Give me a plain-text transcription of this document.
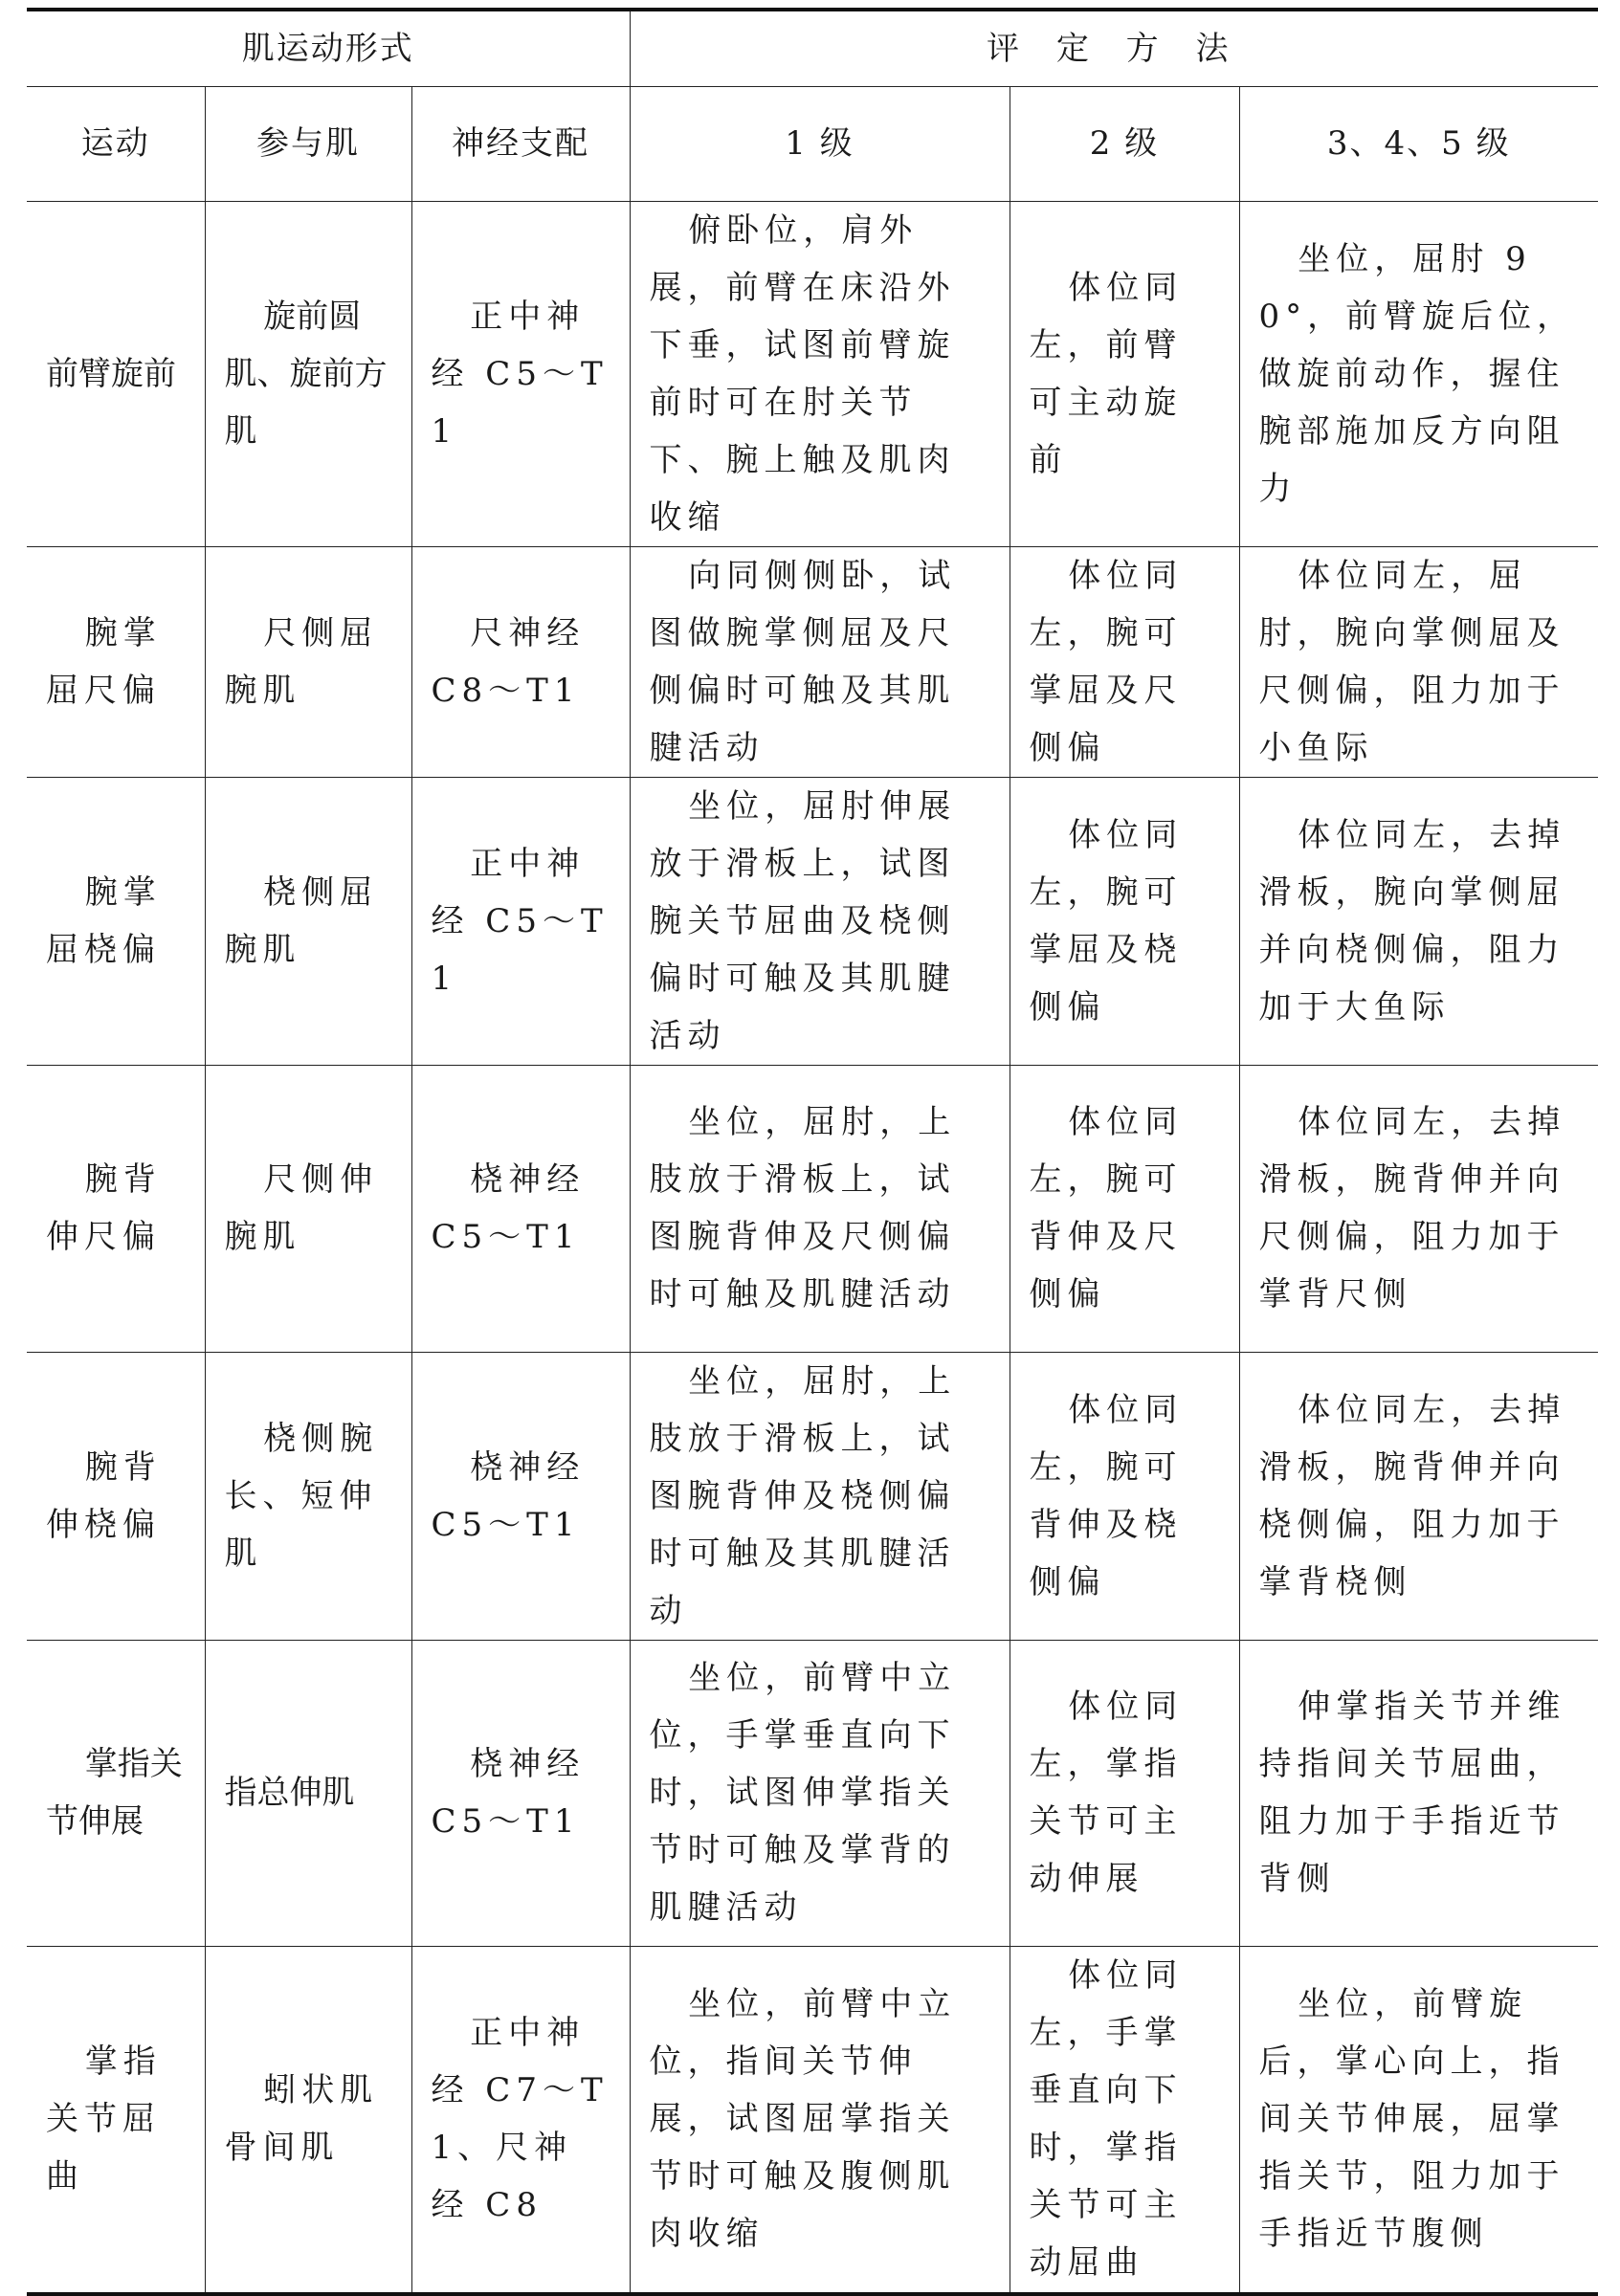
肌运动形式			评 定 方 法		
运动	参与肌	神经支配	1 级	2 级	3、4、5 级
前臂旋前	旋前圆肌、旋前方肌	正中神经 C5～T1	俯卧位，肩外展，前臂在床沿外下垂，试图前臂旋前时可在肘关节下、腕上触及肌肉收缩	体位同左，前臂可主动旋前	坐位，屈肘 90°，前臂旋后位，做旋前动作，握住腕部施加反方向阻力
腕掌屈尺偏	尺侧屈腕肌	尺神经 C8～T1	向同侧侧卧，试图做腕掌侧屈及尺侧偏时可触及其肌腱活动	体位同左，腕可掌屈及尺侧偏	体位同左，屈肘，腕向掌侧屈及尺侧偏，阻力加于小鱼际
腕掌屈桡偏	桡侧屈腕肌	正中神经 C5～T1	坐位，屈肘伸展放于滑板上，试图腕关节屈曲及桡侧偏时可触及其肌腱活动	体位同左，腕可掌屈及桡侧偏	体位同左，去掉滑板，腕向掌侧屈并向桡侧偏，阻力加于大鱼际
腕背伸尺偏	尺侧伸腕肌	桡神经 C5～T1	坐位，屈肘，上肢放于滑板上，试图腕背伸及尺侧偏时可触及肌腱活动	体位同左，腕可背伸及尺侧偏	体位同左，去掉滑板，腕背伸并向尺侧偏，阻力加于掌背尺侧
腕背伸桡偏	桡侧腕长、短伸肌	桡神经 C5～T1	坐位，屈肘，上肢放于滑板上，试图腕背伸及桡侧偏时可触及其肌腱活动	体位同左，腕可背伸及桡侧偏	体位同左，去掉滑板，腕背伸并向桡侧偏，阻力加于掌背桡侧
掌指关节伸展	指总伸肌	桡神经 C5～T1	坐位，前臂中立位，手掌垂直向下时，试图伸掌指关节时可触及掌背的肌腱活动	体位同左，掌指关节可主动伸展	伸掌指关节并维持指间关节屈曲，阻力加于手指近节背侧
掌指关节屈曲	蚓状肌骨间肌	正中神经 C7～T1、尺神经 C8	坐位，前臂中立位，指间关节伸展，试图屈掌指关节时可触及腹侧肌肉收缩	体位同左，手掌垂直向下时，掌指关节可主动屈曲	坐位，前臂旋后，掌心向上，指间关节伸展，屈掌指关节，阻力加于手指近节腹侧
